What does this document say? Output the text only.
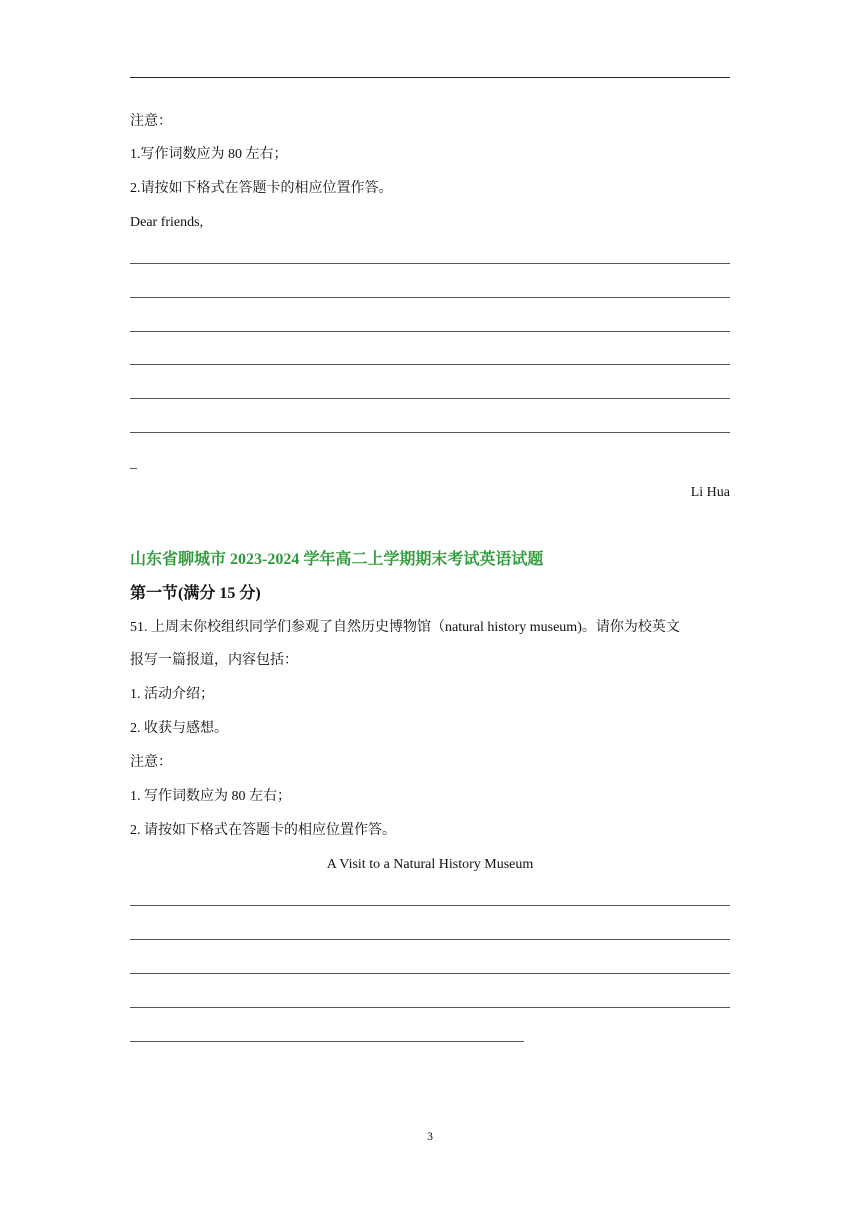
注意：
1.写作词数应为 80 左右；
2.请按如下格式在答题卡的相应位置作答。
Dear friends,
_
Li Hua
山东省聊城市 2023-2024 学年高二上学期期末考试英语试题
第一节(满分 15 分)
51. 上周末你校组织同学们参观了自然历史博物馆（natural history museum)。请你为校英文
报写一篇报道，内容包括：
1. 活动介绍；
2. 收获与感想。
注意：
1. 写作词数应为 80 左右；
2. 请按如下格式在答题卡的相应位置作答。
A Visit to a Natural History Museum
3
